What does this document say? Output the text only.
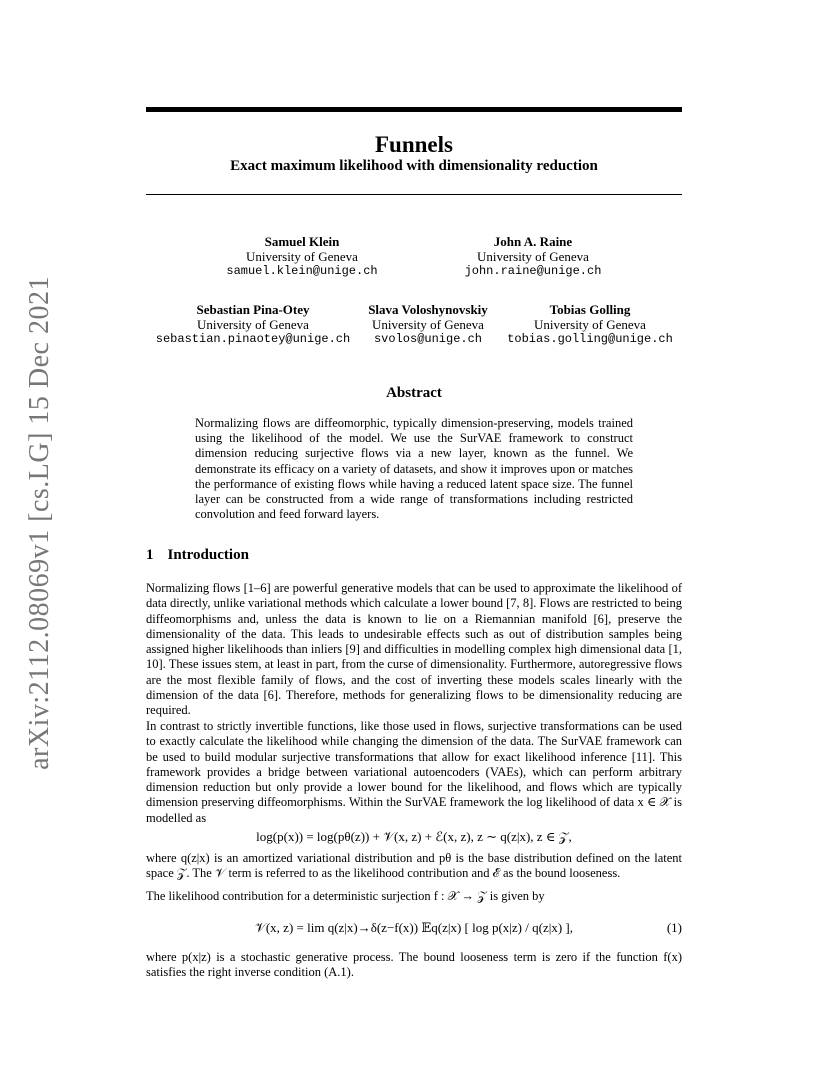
arXiv:2112.08069v1 [cs.LG] 15 Dec 2021
Funnels
Exact maximum likelihood with dimensionality reduction
Samuel Klein
University of Geneva
samuel.klein@unige.ch
John A. Raine
University of Geneva
john.raine@unige.ch
Sebastian Pina-Otey
University of Geneva
sebastian.pinaotey@unige.ch
Slava Voloshynovskiy
University of Geneva
svolos@unige.ch
Tobias Golling
University of Geneva
tobias.golling@unige.ch
Abstract
Normalizing flows are diffeomorphic, typically dimension-preserving, models trained using the likelihood of the model. We use the SurVAE framework to construct dimension reducing surjective flows via a new layer, known as the funnel. We demonstrate its efficacy on a variety of datasets, and show it improves upon or matches the performance of existing flows while having a reduced latent space size. The funnel layer can be constructed from a wide range of transformations including restricted convolution and feed forward layers.
1 Introduction
Normalizing flows [1–6] are powerful generative models that can be used to approximate the likelihood of data directly, unlike variational methods which calculate a lower bound [7, 8]. Flows are restricted to being diffeomorphisms and, unless the data is known to lie on a Riemannian manifold [6], preserve the dimensionality of the data. This leads to undesirable effects such as out of distribution samples being assigned higher likelihoods than inliers [9] and difficulties in modelling complex high dimensional data [1, 10]. These issues stem, at least in part, from the curse of dimensionality. Furthermore, autoregressive flows are the most flexible family of flows, and the cost of inverting these models scales linearly with the dimension of the data [6]. Therefore, methods for generalizing flows to be dimensionality reducing are required.
In contrast to strictly invertible functions, like those used in flows, surjective transformations can be used to exactly calculate the likelihood while changing the dimension of the data. The SurVAE framework can be used to build modular surjective transformations that allow for exact likelihood inference [11]. This framework provides a bridge between variational autoencoders (VAEs), which can perform arbitrary dimension reduction but only provide a lower bound for the likelihood, and flows which are typically dimension preserving diffeomorphisms. Within the SurVAE framework the log likelihood of data x ∈ 𝒳 is modelled as
log(p(x)) = log(pθ(z)) + 𝒱(x, z) + ℰ(x, z), z ∼ q(z|x), z ∈ 𝒵,
where q(z|x) is an amortized variational distribution and pθ is the base distribution defined on the latent space 𝒵. The 𝒱 term is referred to as the likelihood contribution and ℰ as the bound looseness.
The likelihood contribution for a deterministic surjection f : 𝒳 → 𝒵 is given by
𝒱(x, z) = lim q(z|x)→δ(z−f(x)) 𝔼q(z|x) [ log p(x|z) / q(z|x) ],	(1)
where p(x|z) is a stochastic generative process. The bound looseness term is zero if the function f(x) satisfies the right inverse condition (A.1).
